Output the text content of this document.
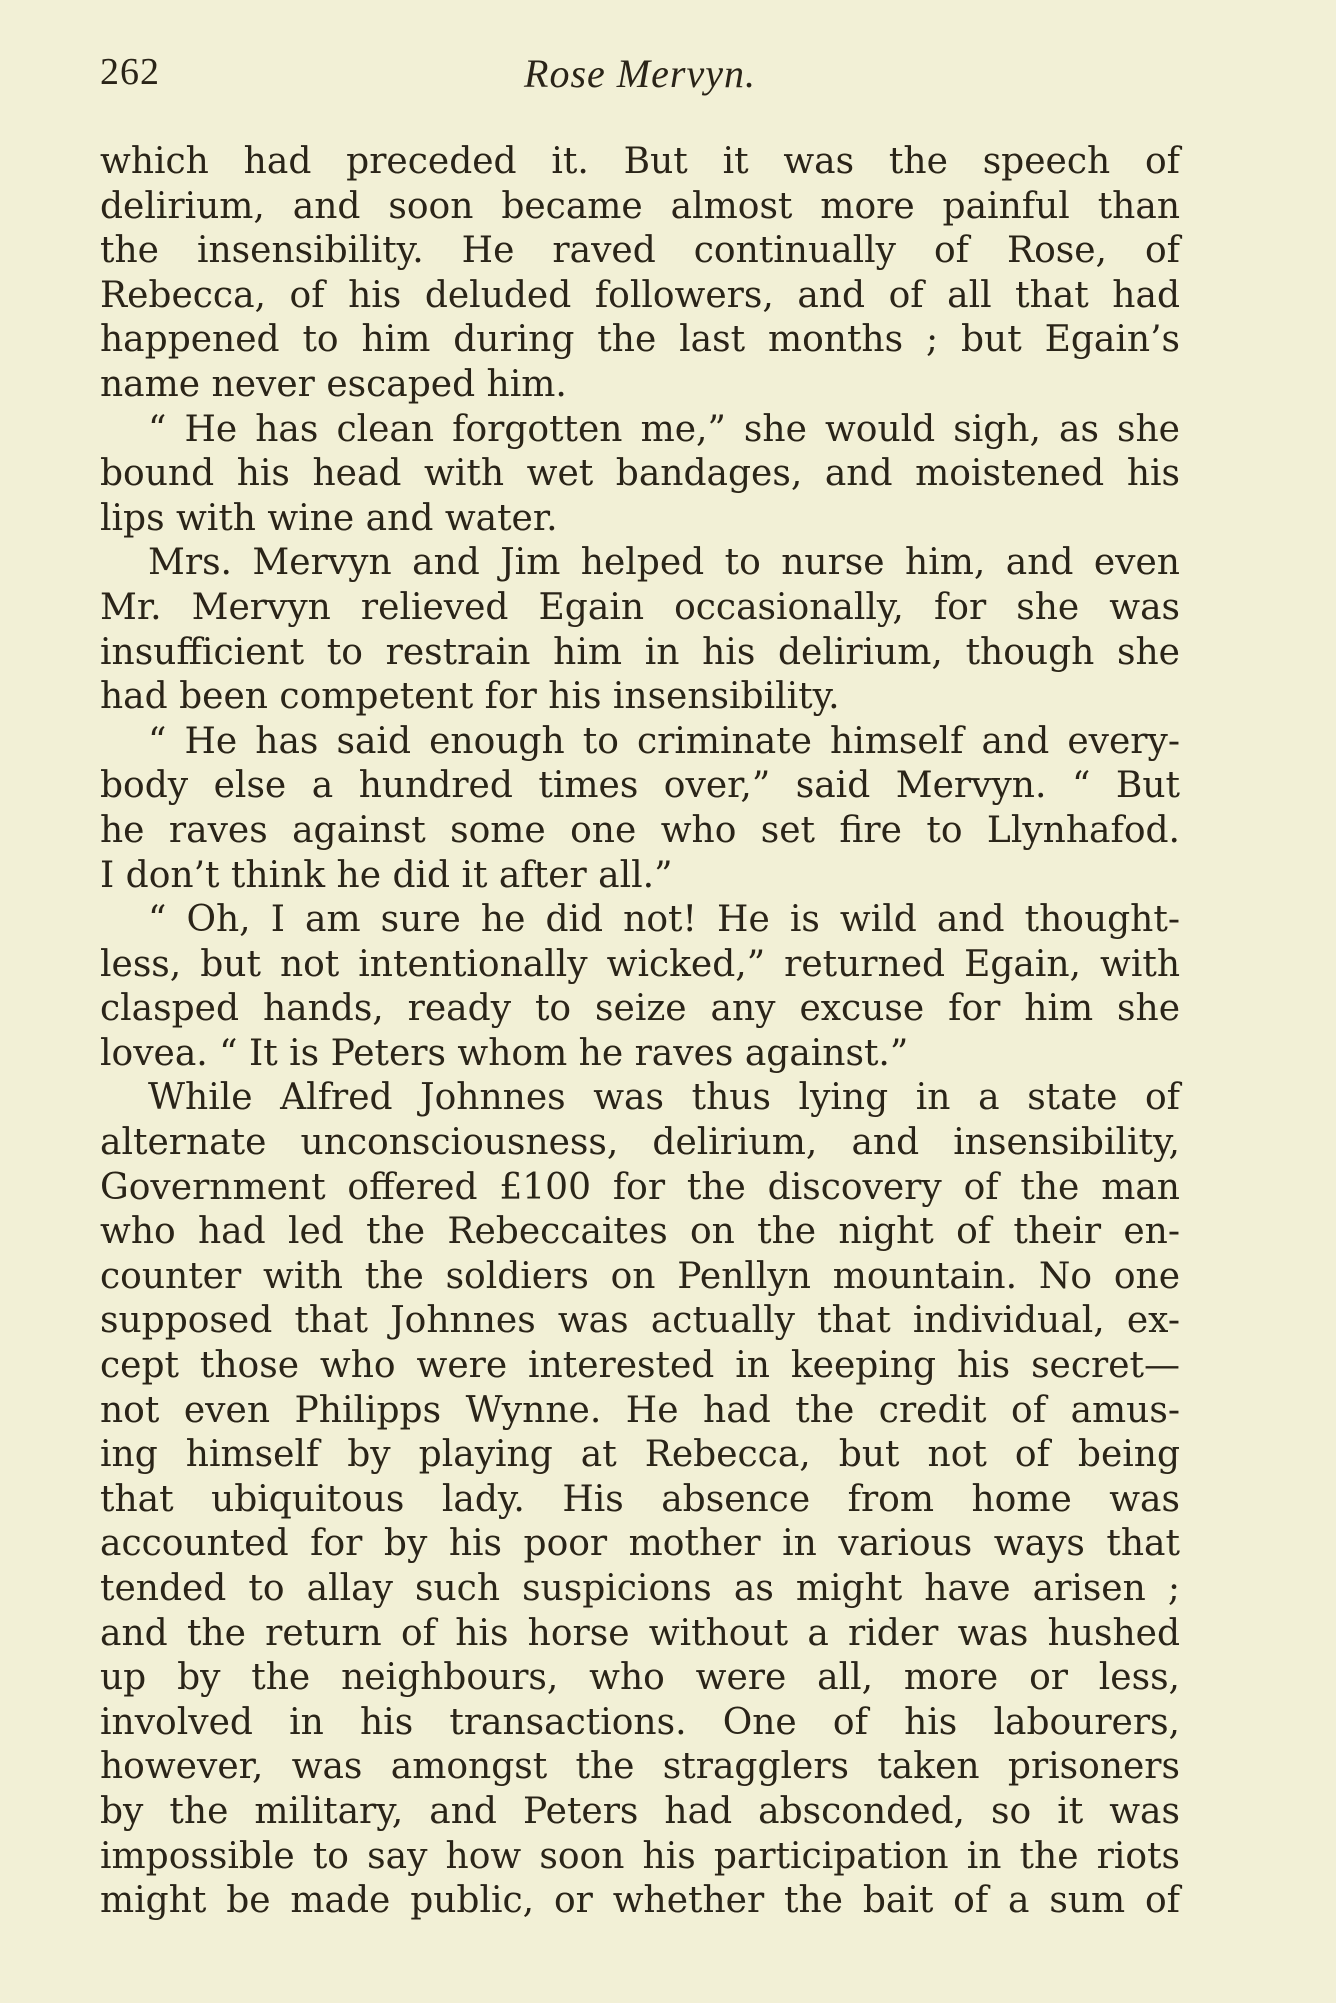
262	Rose Mervyn.
which had preceded it. But it was the speech of
delirium, and soon became almost more painful than
the insensibility. He raved continually of Rose, of
Rebecca, of his deluded followers, and of all that had
happened to him during the last months ; but Egain’s
name never escaped him.
“ He has clean forgotten me,” she would sigh, as she
bound his head with wet bandages, and moistened his
lips with wine and water.
Mrs. Mervyn and Jim helped to nurse him, and even
Mr. Mervyn relieved Egain occasionally, for she was
insufficient to restrain him in his delirium, though she
had been competent for his insensibility.
“ He has said enough to criminate himself and every-
body else a hundred times over,” said Mervyn. “ But
he raves against some one who set fire to Llynhafod.
I don’t think he did it after all.”
“ Oh, I am sure he did not! He is wild and thought-
less, but not intentionally wicked,” returned Egain, with
clasped hands, ready to seize any excuse for him she
lovea. “ It is Peters whom he raves against.”
While Alfred Johnnes was thus lying in a state of
alternate unconsciousness, delirium, and insensibility,
Government offered £100 for the discovery of the man
who had led the Rebeccaites on the night of their en-
counter with the soldiers on Penllyn mountain. No one
supposed that Johnnes was actually that individual, ex-
cept those who were interested in keeping his secret—
not even Philipps Wynne. He had the credit of amus-
ing himself by playing at Rebecca, but not of being
that ubiquitous lady. His absence from home was
accounted for by his poor mother in various ways that
tended to allay such suspicions as might have arisen ;
and the return of his horse without a rider was hushed
up by the neighbours, who were all, more or less,
involved in his transactions. One of his labourers,
however, was amongst the stragglers taken prisoners
by the military, and Peters had absconded, so it was
impossible to say how soon his participation in the riots
might be made public, or whether the bait of a sum of
